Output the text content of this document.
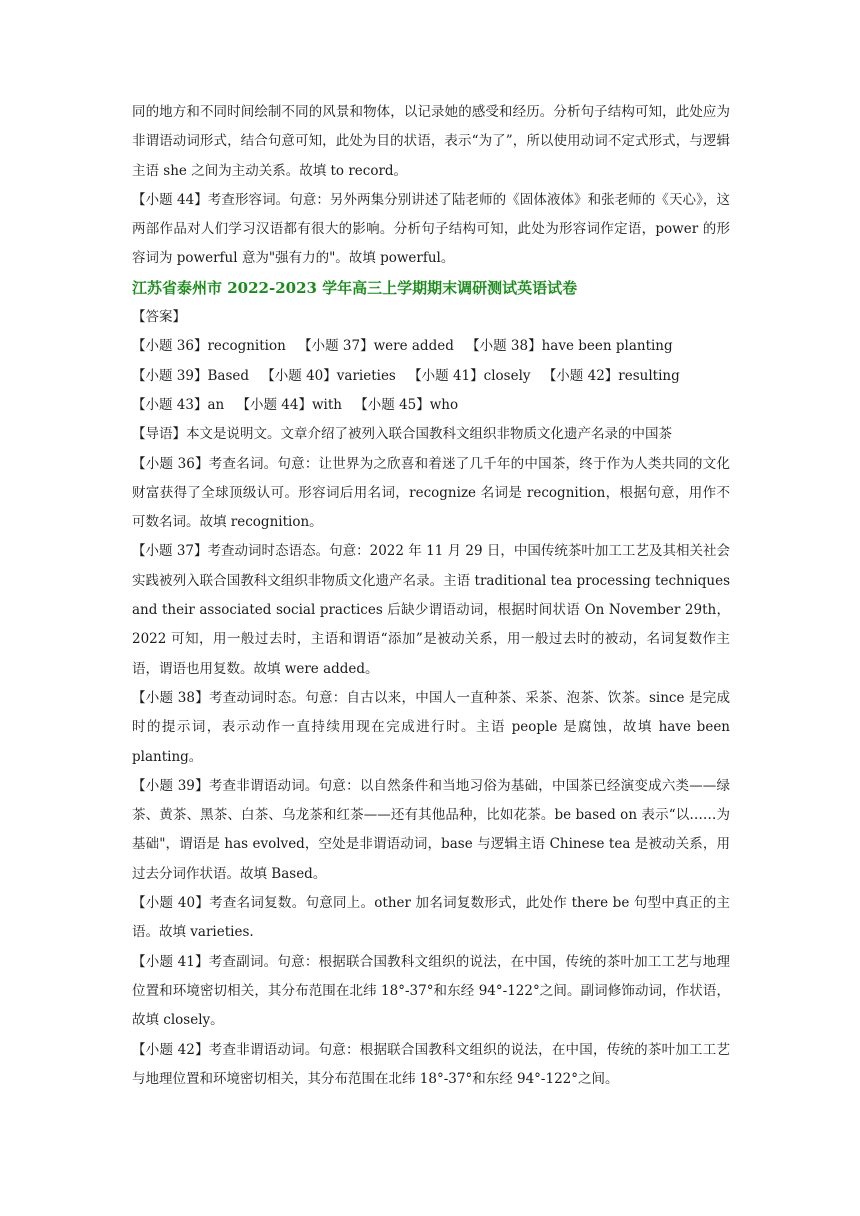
同的地方和不同时间绘制不同的风景和物体，以记录她的感受和经历。分析句子结构可知，此处应为非谓语动词形式，结合句意可知，此处为目的状语，表示“为了”，所以使用动词不定式形式，与逻辑主语 she 之间为主动关系。故填 to record。

【小题 44】考查形容词。句意：另外两集分别讲述了陆老师的《固体液体》和张老师的《天心》，这两部作品对人们学习汉语都有很大的影响。分析句子结构可知，此处为形容词作定语，power 的形容词为 powerful 意为"强有力的"。故填 powerful。

江苏省泰州市 2022-2023 学年高三上学期期末调研测试英语试卷

【答案】

【小题 36】recognition 【小题 37】were added 【小题 38】have been planting

【小题 39】Based 【小题 40】varieties 【小题 41】closely 【小题 42】resulting

【小题 43】an 【小题 44】with 【小题 45】who

【导语】本文是说明文。文章介绍了被列入联合国教科文组织非物质文化遗产名录的中国茶

【小题 36】考查名词。句意：让世界为之欣喜和着迷了几千年的中国茶，终于作为人类共同的文化财富获得了全球顶级认可。形容词后用名词，recognize 名词是 recognition，根据句意，用作不可数名词。故填 recognition。

【小题 37】考查动词时态语态。句意：2022 年 11 月 29 日，中国传统茶叶加工工艺及其相关社会实践被列入联合国教科文组织非物质文化遗产名录。主语 traditional tea processing techniques and their associated social practices 后缺少谓语动词，根据时间状语 On November 29th，2022 可知，用一般过去时，主语和谓语“添加”是被动关系，用一般过去时的被动，名词复数作主语，谓语也用复数。故填 were added。

【小题 38】考查动词时态。句意：自古以来，中国人一直种茶、采茶、泡茶、饮茶。since 是完成时的提示词，表示动作一直持续用现在完成进行时。主语 people 是腐蚀，故填 have been planting。

【小题 39】考查非谓语动词。句意：以自然条件和当地习俗为基础，中国茶已经演变成六类——绿茶、黄茶、黑茶、白茶、乌龙茶和红茶——还有其他品种，比如花茶。be based on 表示“以……为基础"，谓语是 has evolved，空处是非谓语动词，base 与逻辑主语 Chinese tea 是被动关系，用过去分词作状语。故填 Based。

【小题 40】考查名词复数。句意同上。other 加名词复数形式，此处作 there be 句型中真正的主语。故填 varieties.

【小题 41】考查副词。句意：根据联合国教科文组织的说法，在中国，传统的茶叶加工工艺与地理位置和环境密切相关，其分布范围在北纬 18°-37°和东经 94°-122°之间。副词修饰动词，作状语，故填 closely。

【小题 42】考查非谓语动词。句意：根据联合国教科文组织的说法，在中国，传统的茶叶加工工艺与地理位置和环境密切相关，其分布范围在北纬 18°-37°和东经 94°-122°之间。
